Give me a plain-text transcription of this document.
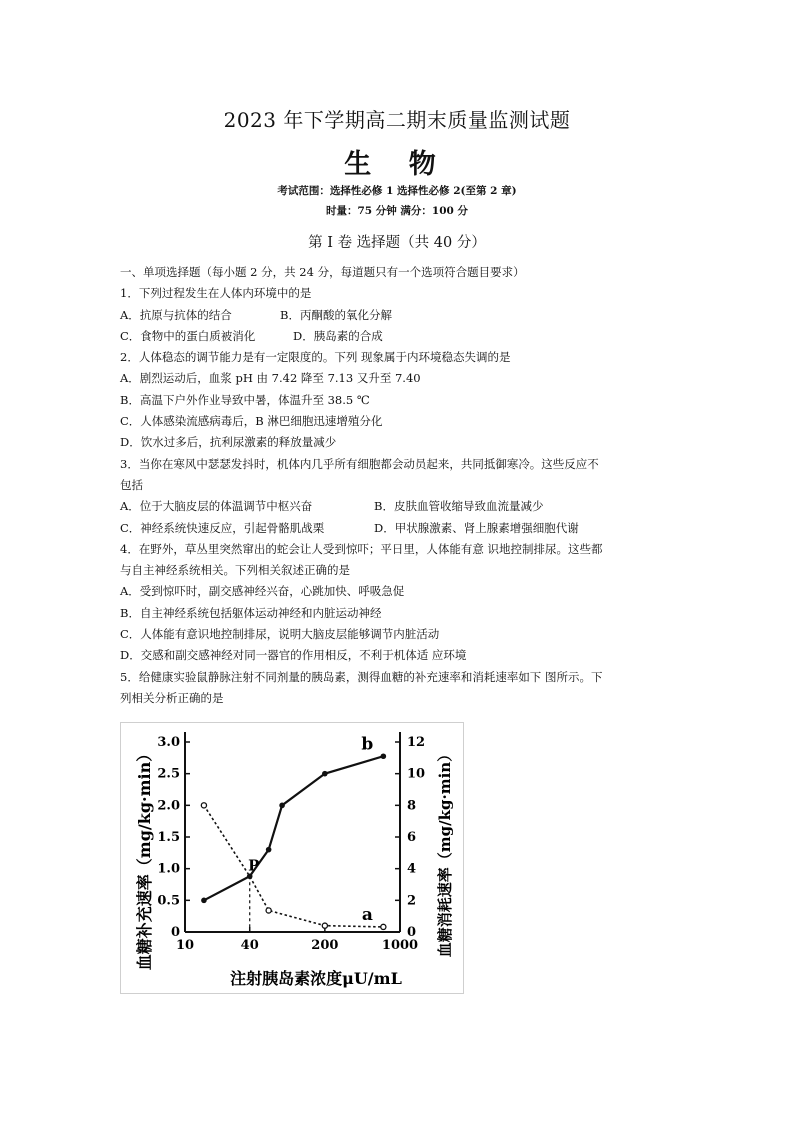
2023 年下学期高二期末质量监测试题
生 物
考试范围：选择性必修 1 选择性必修 2(至第 2 章)
时量：75 分钟 满分：100 分
第 I 卷 选择题（共 40 分）

一、单项选择题（每小题 2 分，共 24 分，每道题只有一个选项符合题目要求）

1．下列过程发生在人体内环境中的是

A．抗原与抗体的结合	B．丙酮酸的氧化分解

C．食物中的蛋白质被消化	D．胰岛素的合成

2．人体稳态的调节能力是有一定限度的。下列 现象属于内环境稳态失调的是

A．剧烈运动后，血浆 pH 由 7.42 降至 7.13 又升至 7.40

B．高温下户外作业导致中暑，体温升至 38.5 ℃

C．人体感染流感病毒后，B 淋巴细胞迅速增殖分化

D．饮水过多后，抗利尿激素的释放量减少

3．当你在寒风中瑟瑟发抖时，机体内几乎所有细胞都会动员起来，共同抵御寒冷。这些反应不

包括

A．位于大脑皮层的体温调节中枢兴奋	B．皮肤血管收缩导致血流量减少

C．神经系统快速反应，引起骨骼肌战栗	D．甲状腺激素、肾上腺素增强细胞代谢

4．在野外，草丛里突然窜出的蛇会让人受到惊吓；平日里，人体能有意 识地控制排尿。这些都

与自主神经系统相关。下列相关叙述正确的是

A．受到惊吓时，副交感神经兴奋，心跳加快、呼吸急促

B．自主神经系统包括躯体运动神经和内脏运动神经

C．人体能有意识地控制排尿，说明大脑皮层能够调节内脏活动

D．交感和副交感神经对同一器官的作用相反，不利于机体适 应环境

5．给健康实验鼠静脉注射不同剂量的胰岛素，测得血糖的补充速率和消耗速率如下 图所示。下

列相关分析正确的是

血糖补充速率（mg/kg·min）	血糖消耗速率（mg/kg·min）
注射胰岛素浓度μU/mL
0
0.5
1.0
1.5
2.0
2.5
3.0
0
2
4
6
8
10
12
10	40	200	1000
a
b
P
